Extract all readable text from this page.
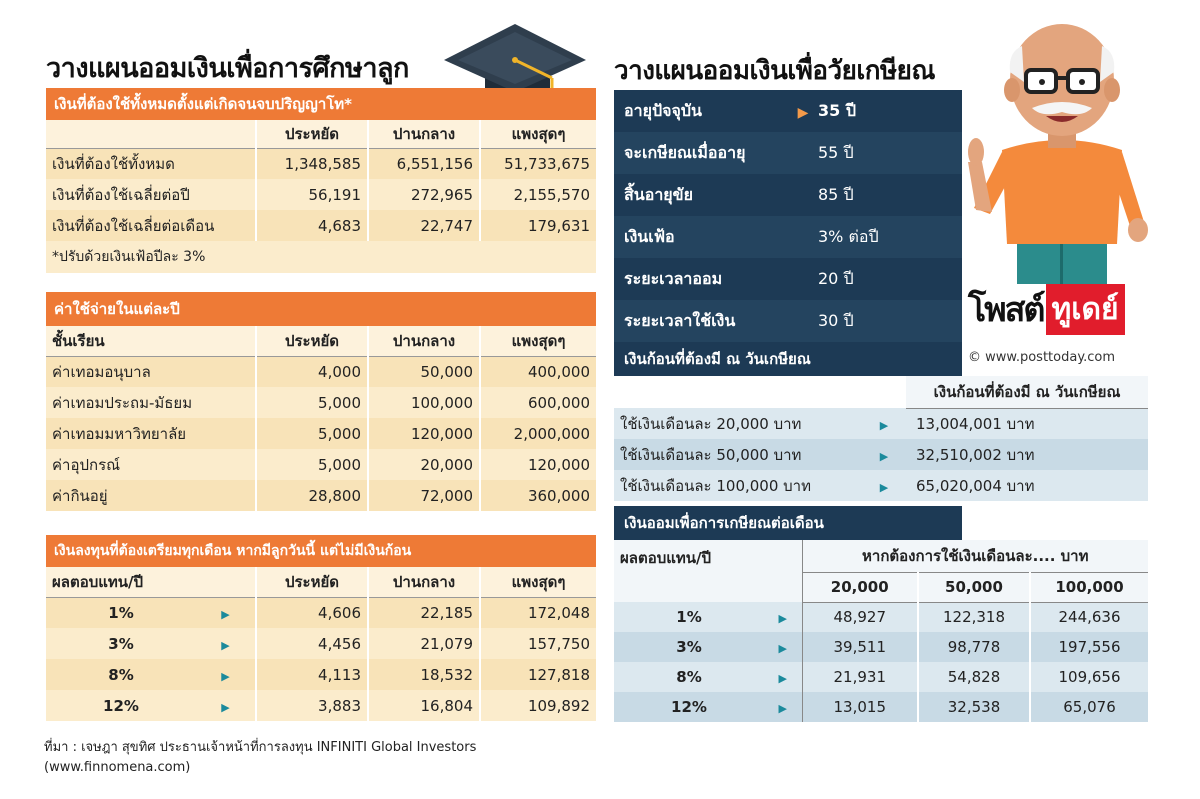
วางแผนออมเงินเพื่อการศึกษาลูก
เงินที่ต้องใช้ทั้งหมดตั้งแต่เกิดจนจบปริญญาโท*
	ประหยัด	ปานกลาง	แพงสุดๆ
เงินที่ต้องใช้ทั้งหมด	1,348,585	6,551,156	51,733,675
เงินที่ต้องใช้เฉลี่ยต่อปี	56,191	272,965	2,155,570
เงินที่ต้องใช้เฉลี่ยต่อเดือน	4,683	22,747	179,631
*ปรับด้วยเงินเฟ้อปีละ 3%			
ค่าใช้จ่ายในแต่ละปี
ชั้นเรียน	ประหยัด	ปานกลาง	แพงสุดๆ
ค่าเทอมอนุบาล	4,000	50,000	400,000
ค่าเทอมประถม-มัธยม	5,000	100,000	600,000
ค่าเทอมมหาวิทยาลัย	5,000	120,000	2,000,000
ค่าอุปกรณ์	5,000	20,000	120,000
ค่ากินอยู่	28,800	72,000	360,000
เงินลงทุนที่ต้องเตรียมทุกเดือน หากมีลูกวันนี้ แต่ไม่มีเงินก้อน
ผลตอบแทน/ปี		ประหยัด	ปานกลาง	แพงสุดๆ
1%	▶	4,606	22,185	172,048
3%	▶	4,456	21,079	157,750
8%	▶	4,113	18,532	127,818
12%	▶	3,883	16,804	109,892
ที่มา : เจษฎา สุขทิศ ประธานเจ้าหน้าที่การลงทุน INFINITI Global Investors
(www.finnomena.com)
วางแผนออมเงินเพื่อวัยเกษียณ
โพสต์ ทูเดย์
© www.posttoday.com
อายุปัจจุบัน	▶	35 ปี
จะเกษียณเมื่ออายุ		55 ปี
สิ้นอายุขัย		85 ปี
เงินเฟ้อ		3% ต่อปี
ระยะเวลาออม		20 ปี
ระยะเวลาใช้เงิน		30 ปี
เงินก้อนที่ต้องมี ณ วันเกษียณ
		เงินก้อนที่ต้องมี ณ วันเกษียณ
ใช้เงินเดือนละ 20,000 บาท	▶	13,004,001 บาท
ใช้เงินเดือนละ 50,000 บาท	▶	32,510,002 บาท
ใช้เงินเดือนละ 100,000 บาท	▶	65,020,004 บาท
เงินออมเพื่อการเกษียณต่อเดือน
ผลตอบแทน/ปี		หากต้องการใช้เงินเดือนละ.... บาท		
		20,000	50,000	100,000
1%	▶	48,927	122,318	244,636
3%	▶	39,511	98,778	197,556
8%	▶	21,931	54,828	109,656
12%	▶	13,015	32,538	65,076
